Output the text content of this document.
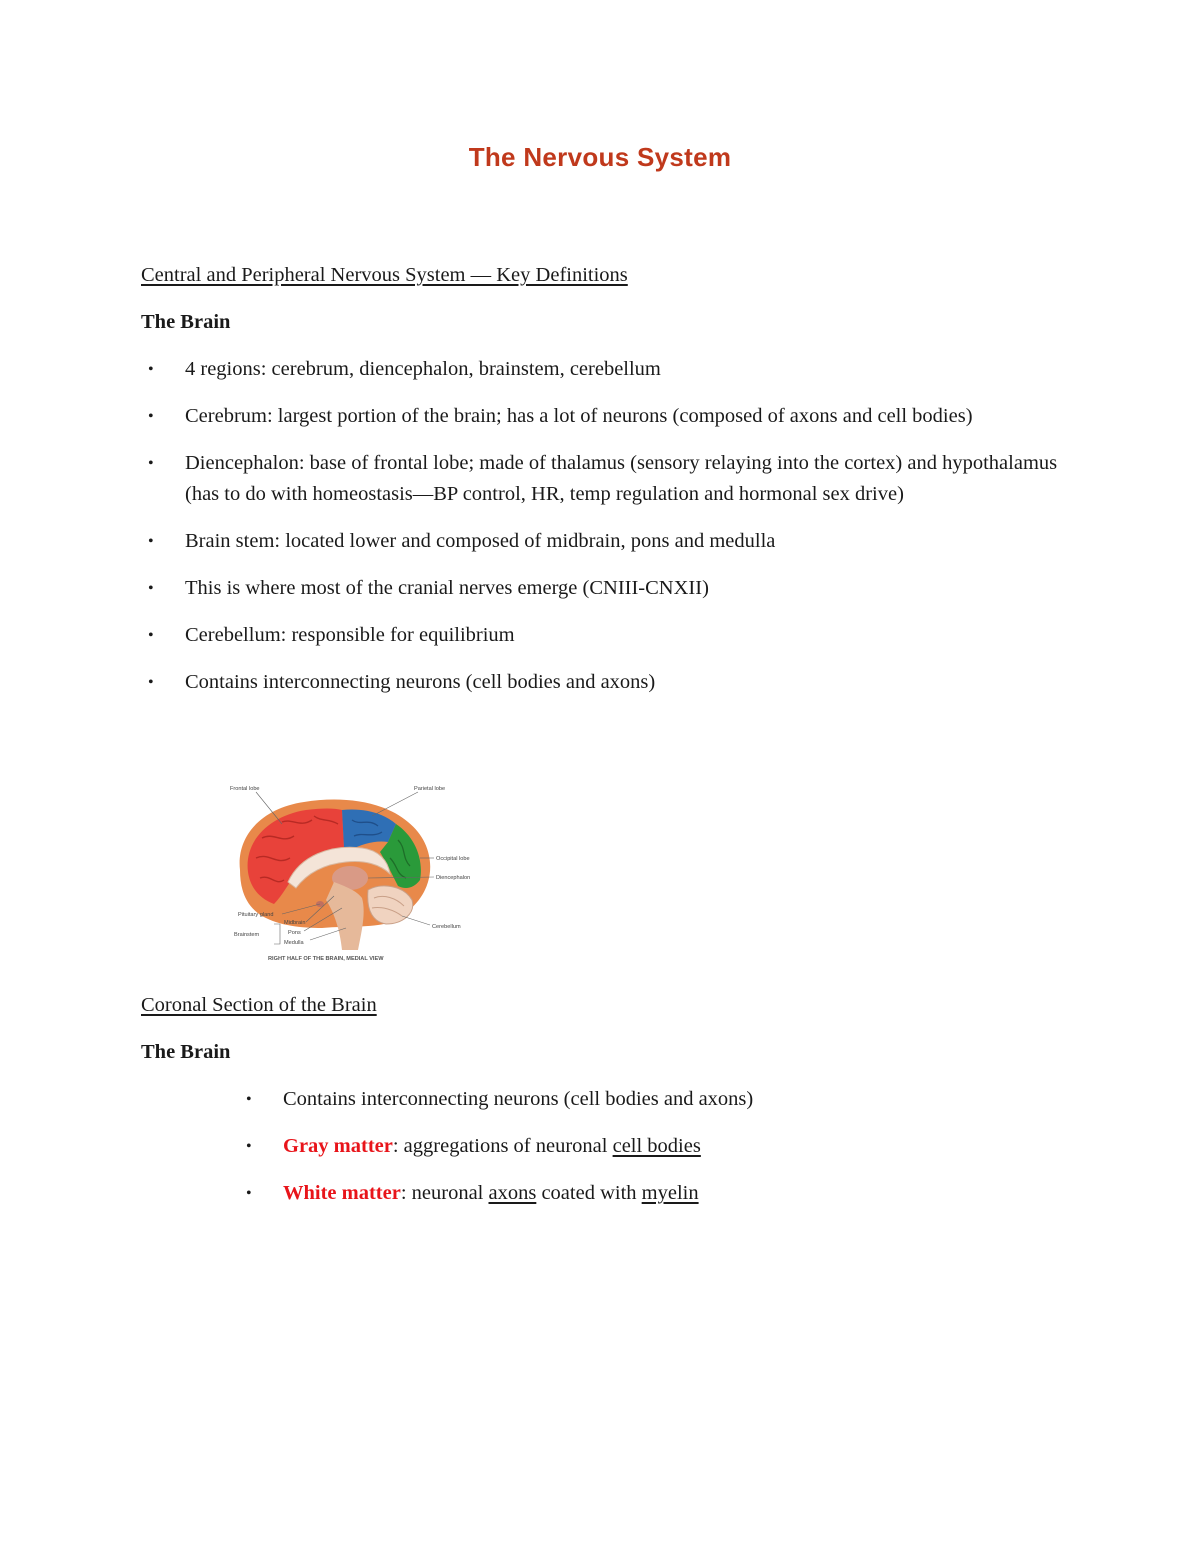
The Nervous System
Central and Peripheral Nervous System — Key Definitions
The Brain
• 4 regions: cerebrum, diencephalon, brainstem, cerebellum
• Cerebrum: largest portion of the brain; has a lot of neurons (composed of axons and cell bodies)
• Diencephalon: base of frontal lobe; made of thalamus (sensory relaying into the cortex) and hypothalamus (has to do with homeostasis—BP control, HR, temp regulation and hormonal sex drive)
• Brain stem: located lower and composed of midbrain, pons and medulla
• This is where most of the cranial nerves emerge (CNIII-CNXII)
• Cerebellum: responsible for equilibrium
• Contains interconnecting neurons (cell bodies and axons)
Frontal lobe	Parietal lobe
Occipital lobe
Diencephalon
Pituitary gland
Midbrain
Pons
Medulla
Brainstem
Cerebellum
RIGHT HALF OF THE BRAIN, MEDIAL VIEW
Coronal Section of the Brain
The Brain
• Contains interconnecting neurons (cell bodies and axons)
• Gray matter: aggregations of neuronal cell bodies
• White matter: neuronal axons coated with myelin
